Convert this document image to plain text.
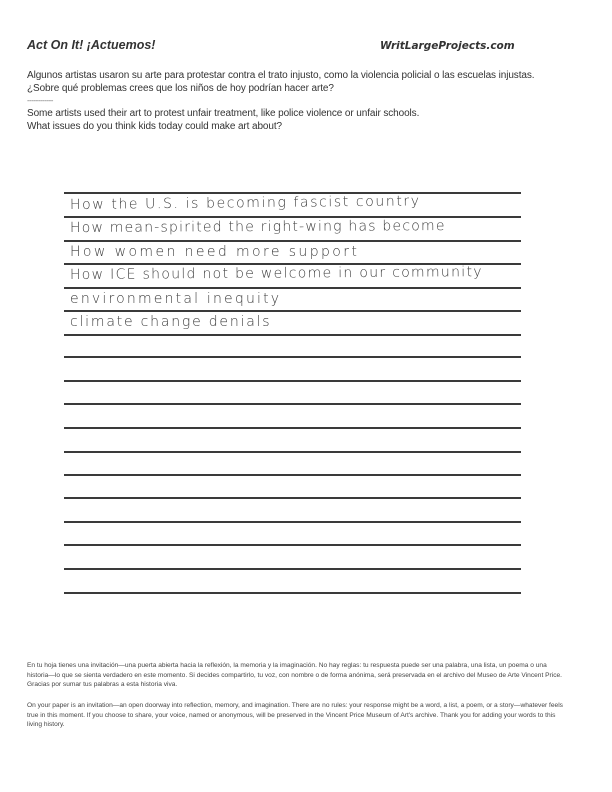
Act On It! ¡Actuemos!	WritLargeProjects.com
Algunos artistas usaron su arte para protestar contra el trato injusto, como la violencia policial o las escuelas injustas.
¿Sobre qué problemas crees que los niños de hoy podrían hacer arte?
------------
Some artists used their art to protest unfair treatment, like police violence or unfair schools.
What issues do you think kids today could make art about?
How the U.S. is becoming fascist country
How mean-spirited the right-wing has become
How women need more support
How ICE should not be welcome in our community
environmental inequity
climate change denials
En tu hoja tienes una invitación—una puerta abierta hacia la reflexión, la memoria y la imaginación. No hay reglas: tu respuesta puede ser una palabra, una lista, un poema o una historia—lo que se sienta verdadero en este momento. Si decides compartirlo, tu voz, con nombre o de forma anónima, será preservada en el archivo del Museo de Arte Vincent Price. Gracias por sumar tus palabras a esta historia viva.
On your paper is an invitation—an open doorway into reflection, memory, and imagination. There are no rules: your response might be a word, a list, a poem, or a story—whatever feels true in this moment. If you choose to share, your voice, named or anonymous, will be preserved in the Vincent Price Museum of Art's archive. Thank you for adding your words to this living history.
